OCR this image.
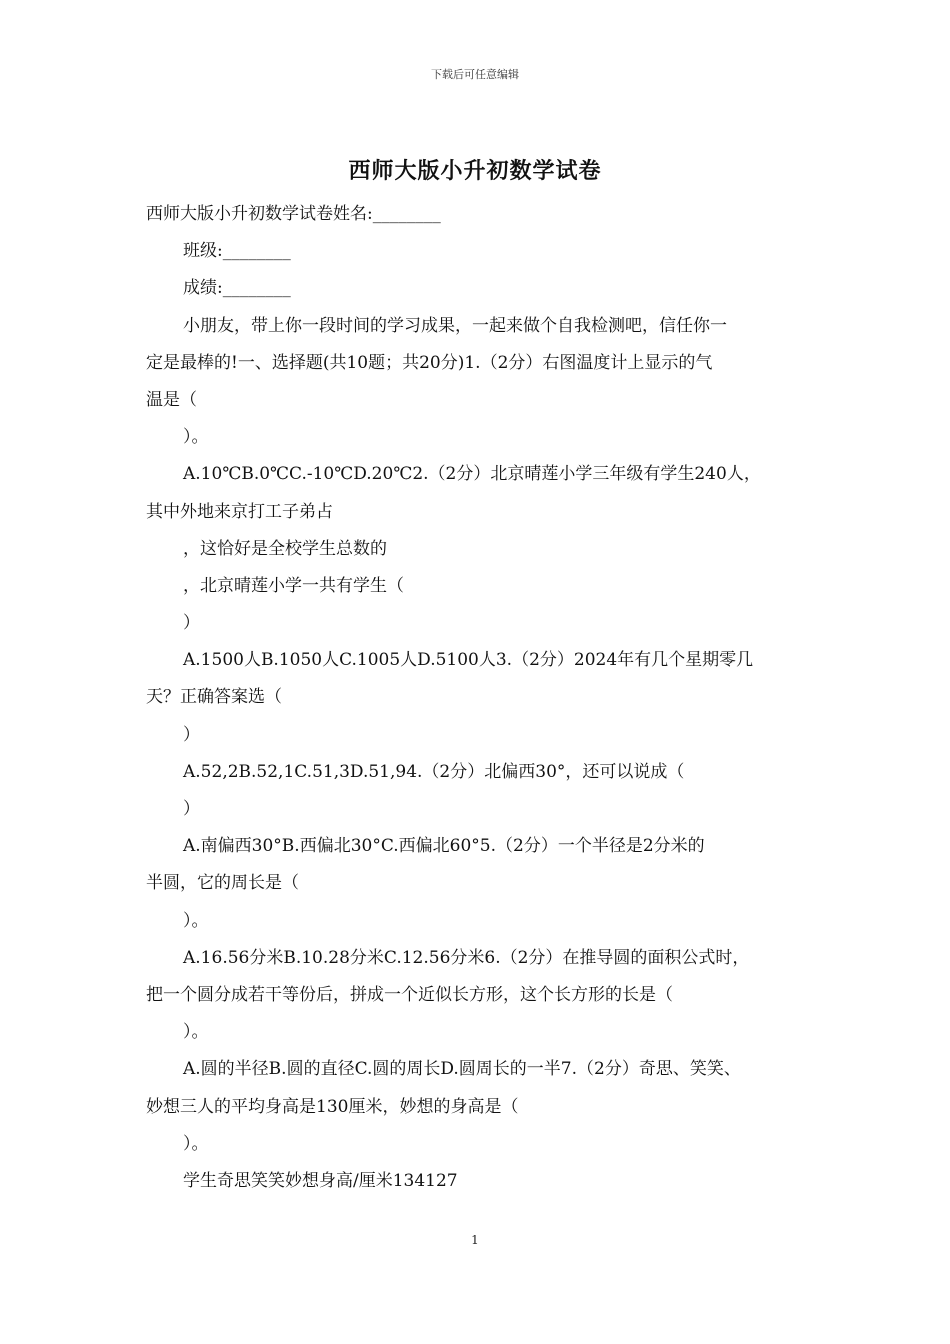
下载后可任意编辑
西师大版小升初数学试卷
西师大版小升初数学试卷姓名:________
班级:________
成绩:________
小朋友，带上你一段时间的学习成果，一起来做个自我检测吧，信任你一
定是最棒的!一、选择题(共10题；共20分)1.（2分）右图温度计上显示的气
温是（
）。
A.10℃B.0℃C.-10℃D.20℃2.（2分）北京晴莲小学三年级有学生240人，
其中外地来京打工子弟占
，这恰好是全校学生总数的
，北京晴莲小学一共有学生（
）
A.1500人B.1050人C.1005人D.5100人3.（2分）2024年有几个星期零几
天？正确答案选（
）
A.52,2B.52,1C.51,3D.51,94.（2分）北偏西30°，还可以说成（
）
A.南偏西30°B.西偏北30°C.西偏北60°5.（2分）一个半径是2分米的
半圆，它的周长是（
）。
A.16.56分米B.10.28分米C.12.56分米6.（2分）在推导圆的面积公式时，
把一个圆分成若干等份后，拼成一个近似长方形，这个长方形的长是（
）。
A.圆的半径B.圆的直径C.圆的周长D.圆周长的一半7.（2分）奇思、笑笑、
妙想三人的平均身高是130厘米，妙想的身高是（
）。
学生奇思笑笑妙想身高/厘米134127
1
